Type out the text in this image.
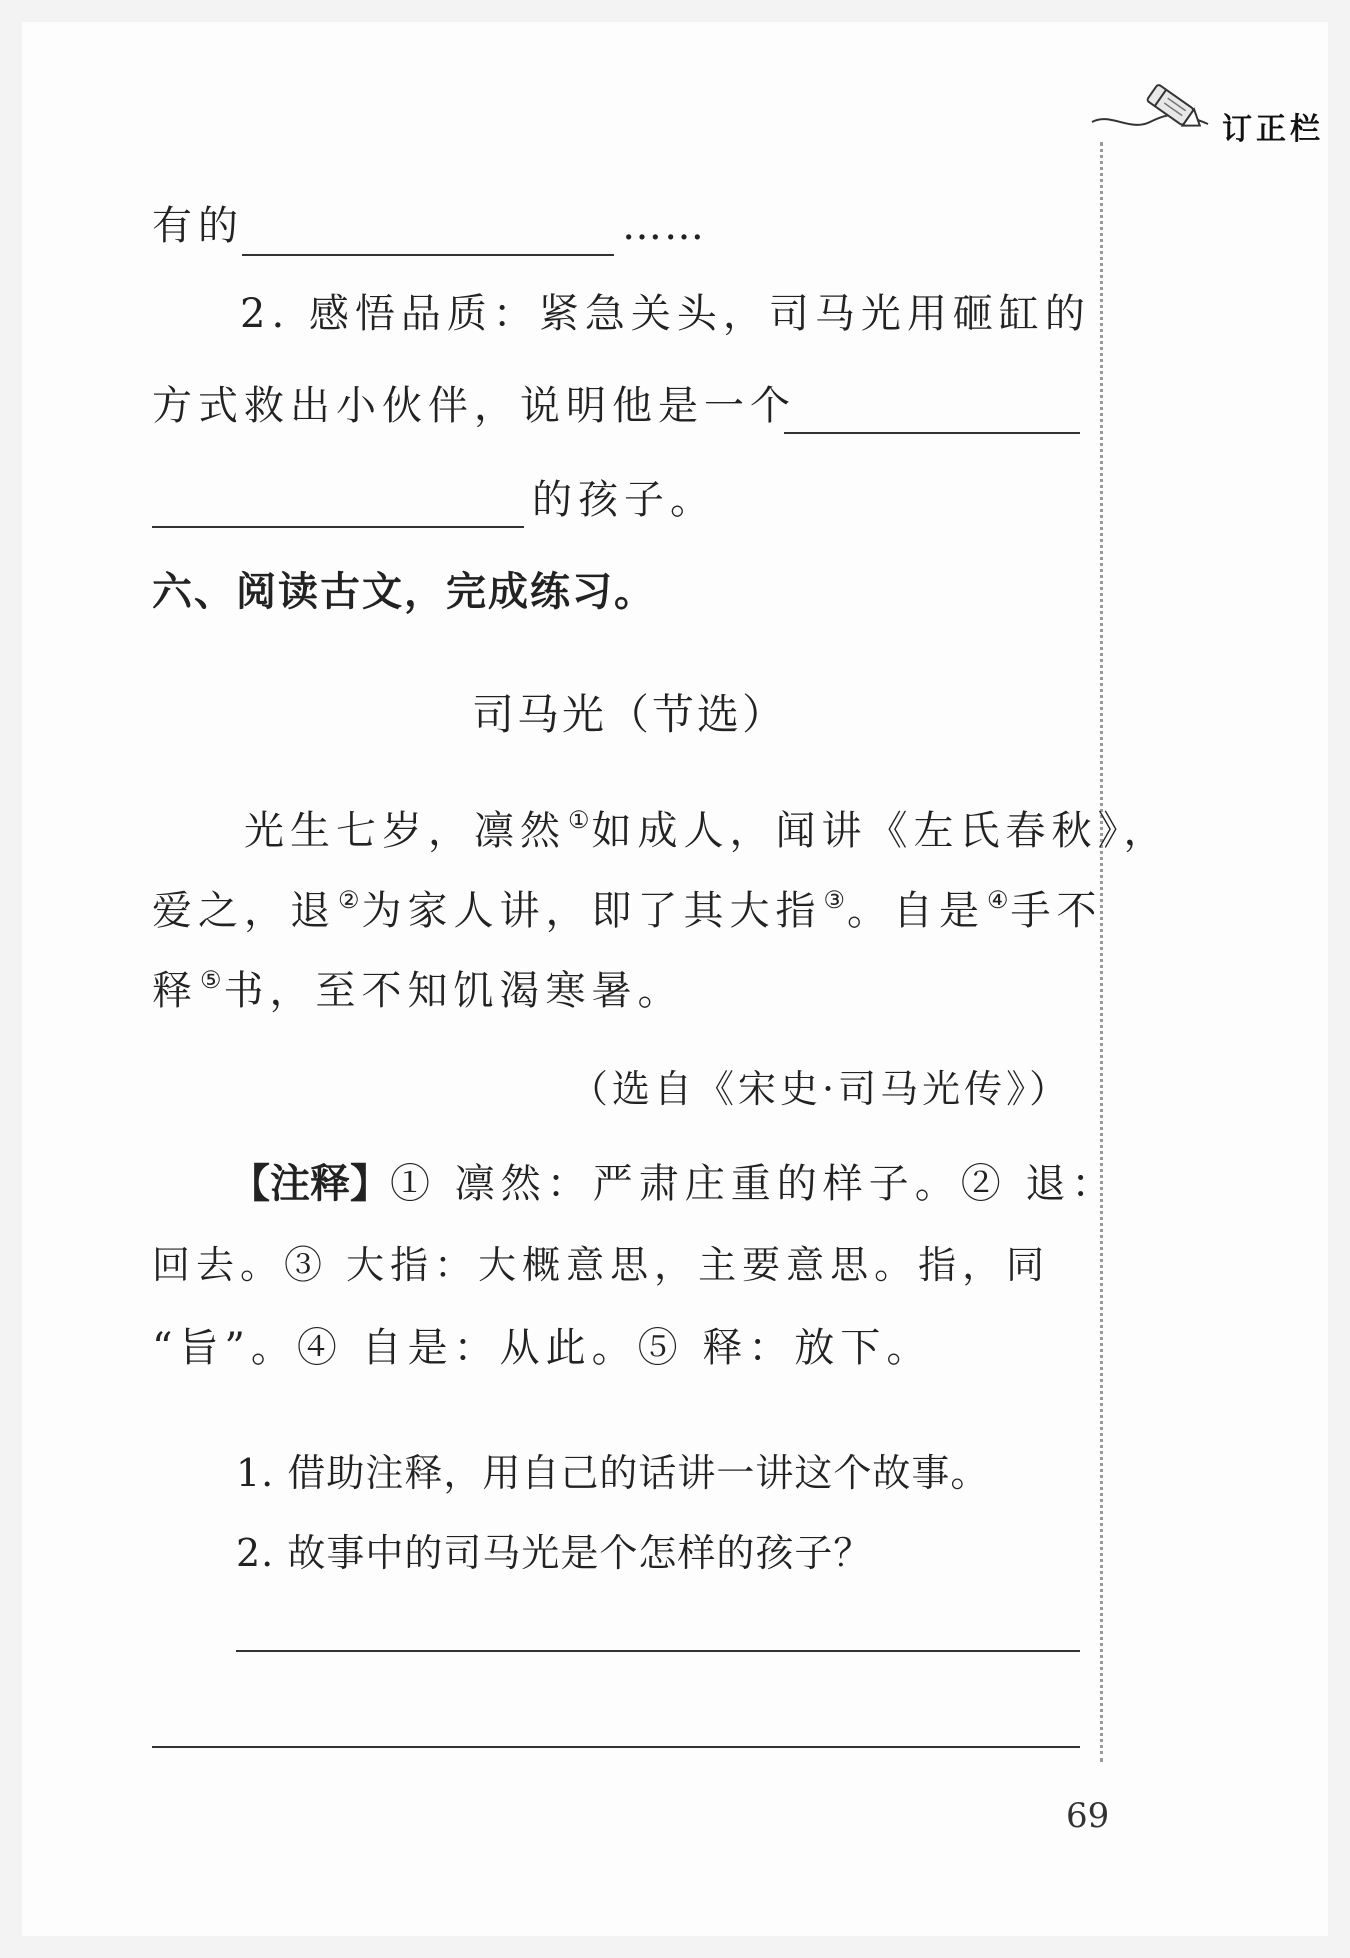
订正栏
有的	……
2. 感悟品质：紧急关头，司马光用砸缸的
方式救出小伙伴，说明他是一个
的孩子。
六、阅读古文，完成练习。
司马光（节选）
光生七岁，凛然①如成人，闻讲《左氏春秋》，
爱之，退②为家人讲，即了其大指③。自是④手不
释⑤书，至不知饥渴寒暑。
（选自《宋史·司马光传》）
【注释】① 凛然：严肃庄重的样子。② 退：
回去。③ 大指：大概意思，主要意思。指，同
“旨”。④ 自是：从此。⑤ 释：放下。
1. 借助注释，用自己的话讲一讲这个故事。
2. 故事中的司马光是个怎样的孩子？
69
